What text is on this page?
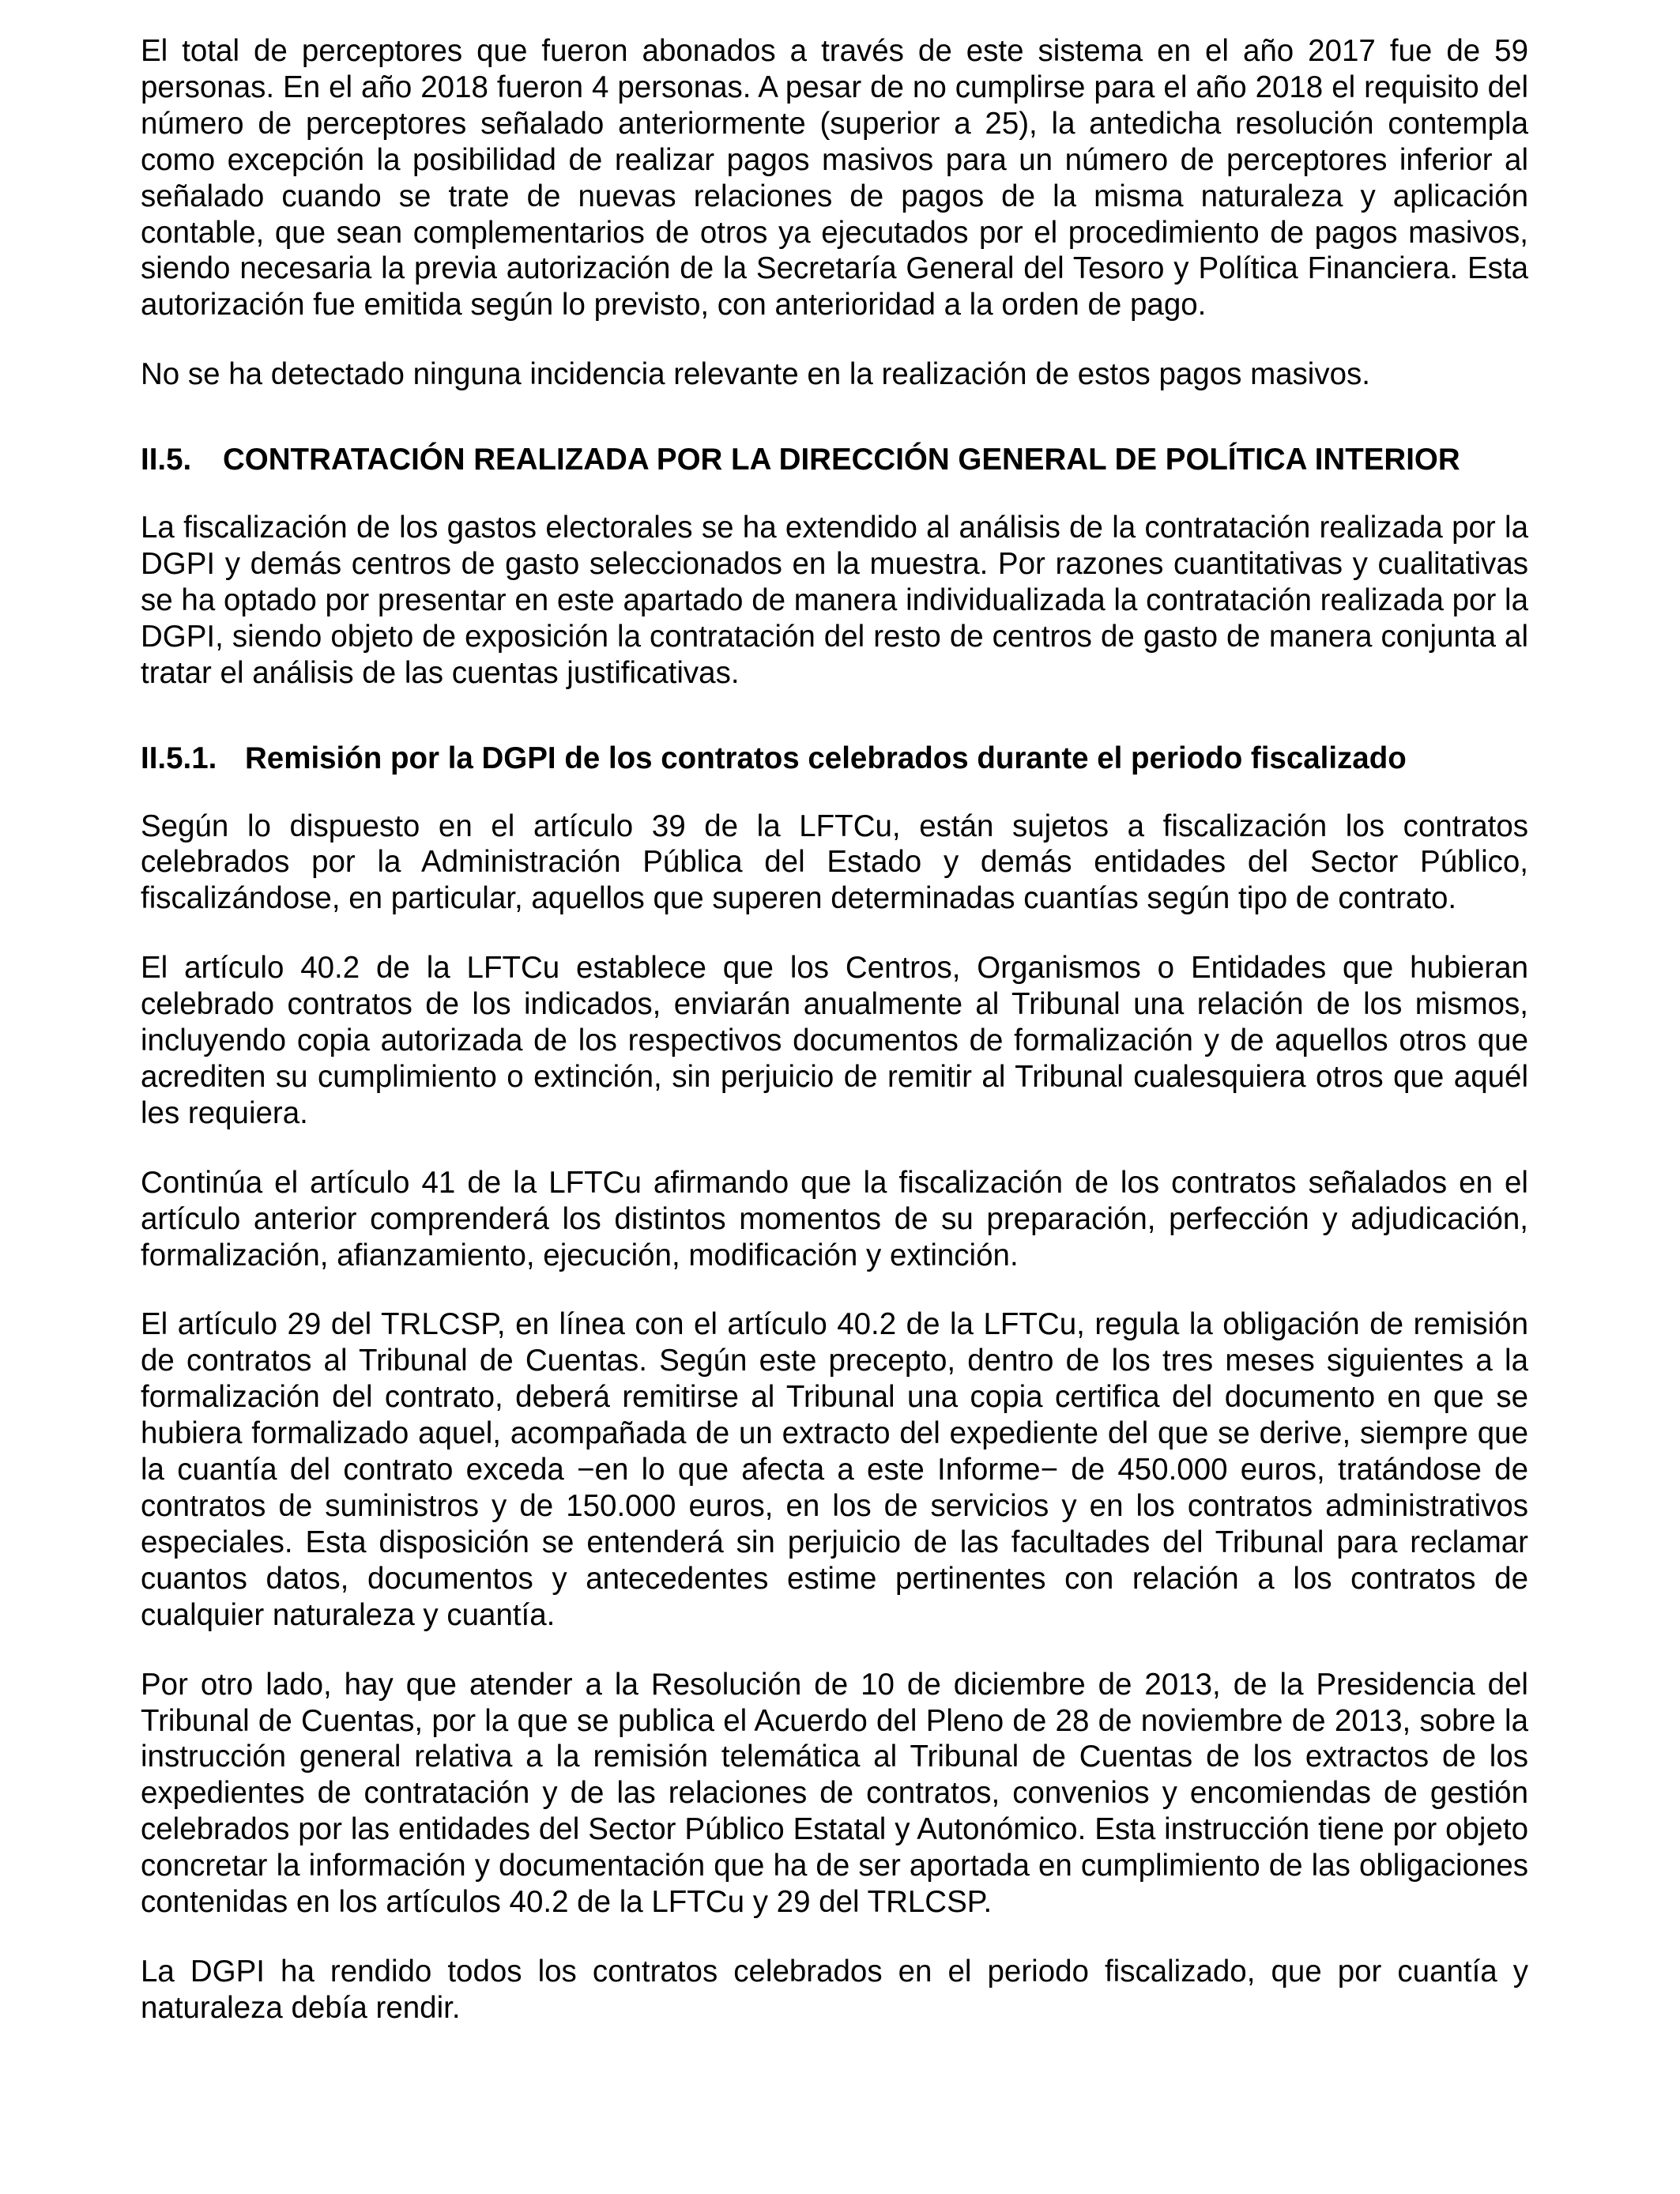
El total de perceptores que fueron abonados a través de este sistema en el año 2017 fue de 59 personas. En el año 2018 fueron 4 personas. A pesar de no cumplirse para el año 2018 el requisito del número de perceptores señalado anteriormente (superior a 25), la antedicha resolución contempla como excepción la posibilidad de realizar pagos masivos para un número de perceptores inferior al señalado cuando se trate de nuevas relaciones de pagos de la misma naturaleza y aplicación contable, que sean complementarios de otros ya ejecutados por el procedimiento de pagos masivos, siendo necesaria la previa autorización de la Secretaría General del Tesoro y Política Financiera. Esta autorización fue emitida según lo previsto, con anterioridad a la orden de pago.

No se ha detectado ninguna incidencia relevante en la realización de estos pagos masivos.

II.5. CONTRATACIÓN REALIZADA POR LA DIRECCIÓN GENERAL DE POLÍTICA INTERIOR

La fiscalización de los gastos electorales se ha extendido al análisis de la contratación realizada por la DGPI y demás centros de gasto seleccionados en la muestra. Por razones cuantitativas y cualitativas se ha optado por presentar en este apartado de manera individualizada la contratación realizada por la DGPI, siendo objeto de exposición la contratación del resto de centros de gasto de manera conjunta al tratar el análisis de las cuentas justificativas.

II.5.1. Remisión por la DGPI de los contratos celebrados durante el periodo fiscalizado

Según lo dispuesto en el artículo 39 de la LFTCu, están sujetos a fiscalización los contratos celebrados por la Administración Pública del Estado y demás entidades del Sector Público, fiscalizándose, en particular, aquellos que superen determinadas cuantías según tipo de contrato.

El artículo 40.2 de la LFTCu establece que los Centros, Organismos o Entidades que hubieran celebrado contratos de los indicados, enviarán anualmente al Tribunal una relación de los mismos, incluyendo copia autorizada de los respectivos documentos de formalización y de aquellos otros que acrediten su cumplimiento o extinción, sin perjuicio de remitir al Tribunal cualesquiera otros que aquél les requiera.

Continúa el artículo 41 de la LFTCu afirmando que la fiscalización de los contratos señalados en el artículo anterior comprenderá los distintos momentos de su preparación, perfección y adjudicación, formalización, afianzamiento, ejecución, modificación y extinción.

El artículo 29 del TRLCSP, en línea con el artículo 40.2 de la LFTCu, regula la obligación de remisión de contratos al Tribunal de Cuentas. Según este precepto, dentro de los tres meses siguientes a la formalización del contrato, deberá remitirse al Tribunal una copia certifica del documento en que se hubiera formalizado aquel, acompañada de un extracto del expediente del que se derive, siempre que la cuantía del contrato exceda −en lo que afecta a este Informe− de 450.000 euros, tratándose de contratos de suministros y de 150.000 euros, en los de servicios y en los contratos administrativos especiales. Esta disposición se entenderá sin perjuicio de las facultades del Tribunal para reclamar cuantos datos, documentos y antecedentes estime pertinentes con relación a los contratos de cualquier naturaleza y cuantía.

Por otro lado, hay que atender a la Resolución de 10 de diciembre de 2013, de la Presidencia del Tribunal de Cuentas, por la que se publica el Acuerdo del Pleno de 28 de noviembre de 2013, sobre la instrucción general relativa a la remisión telemática al Tribunal de Cuentas de los extractos de los expedientes de contratación y de las relaciones de contratos, convenios y encomiendas de gestión celebrados por las entidades del Sector Público Estatal y Autonómico. Esta instrucción tiene por objeto concretar la información y documentación que ha de ser aportada en cumplimiento de las obligaciones contenidas en los artículos 40.2 de la LFTCu y 29 del TRLCSP.

La DGPI ha rendido todos los contratos celebrados en el periodo fiscalizado, que por cuantía y naturaleza debía rendir.
